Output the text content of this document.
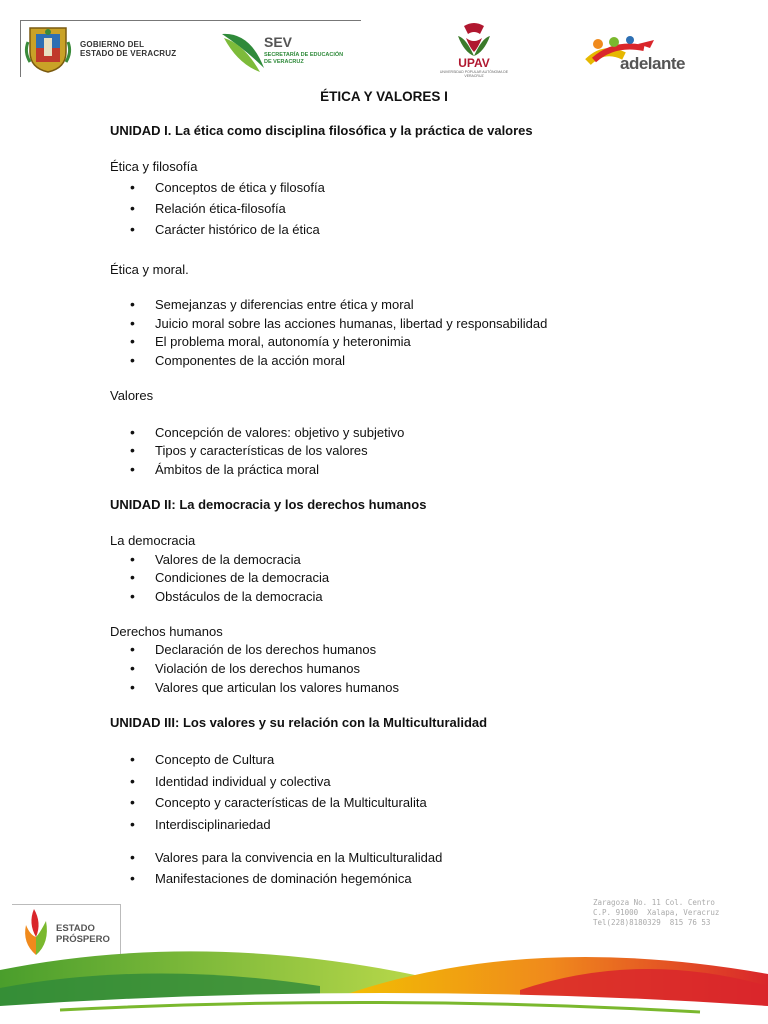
GOBIERNO DEL
ESTADO DE VERACRUZ
SEV
SECRETARÍA DE EDUCACIÓN
DE VERACRUZ	UPAV
UNIVERSIDAD POPULAR AUTÓNOMA DE VERACRUZ
adelante
ÉTICA Y VALORES I
UNIDAD I. La ética como disciplina filosófica y la práctica de valores
Ética y filosofía
• Conceptos de ética y filosofía
• Relación ética-filosofía
• Carácter histórico de la ética
Ética y moral.
• Semejanzas y diferencias entre ética y moral
• Juicio moral sobre las acciones humanas, libertad y responsabilidad
• El problema moral, autonomía y heteronimia
• Componentes de la acción moral
Valores
• Concepción de valores: objetivo y subjetivo
• Tipos y características de los valores
• Ámbitos de la práctica moral
UNIDAD II: La democracia y los derechos humanos
La democracia
• Valores de la democracia
• Condiciones de la democracia
• Obstáculos de la democracia
Derechos humanos
• Declaración de los derechos humanos
• Violación de los derechos humanos
• Valores que articulan los valores humanos
UNIDAD III: Los valores y su relación con la Multiculturalidad
• Concepto de Cultura
• Identidad individual y colectiva
• Concepto y características de la Multiculturalita
• Interdisciplinariedad
• Valores para la convivencia en la Multiculturalidad
• Manifestaciones de dominación hegemónica
Zaragoza No. 11 Col. Centro
C.P. 91000  Xalapa, Veracruz
Tel(228)8180329  815 76 53
ESTADO
PRÓSPERO
